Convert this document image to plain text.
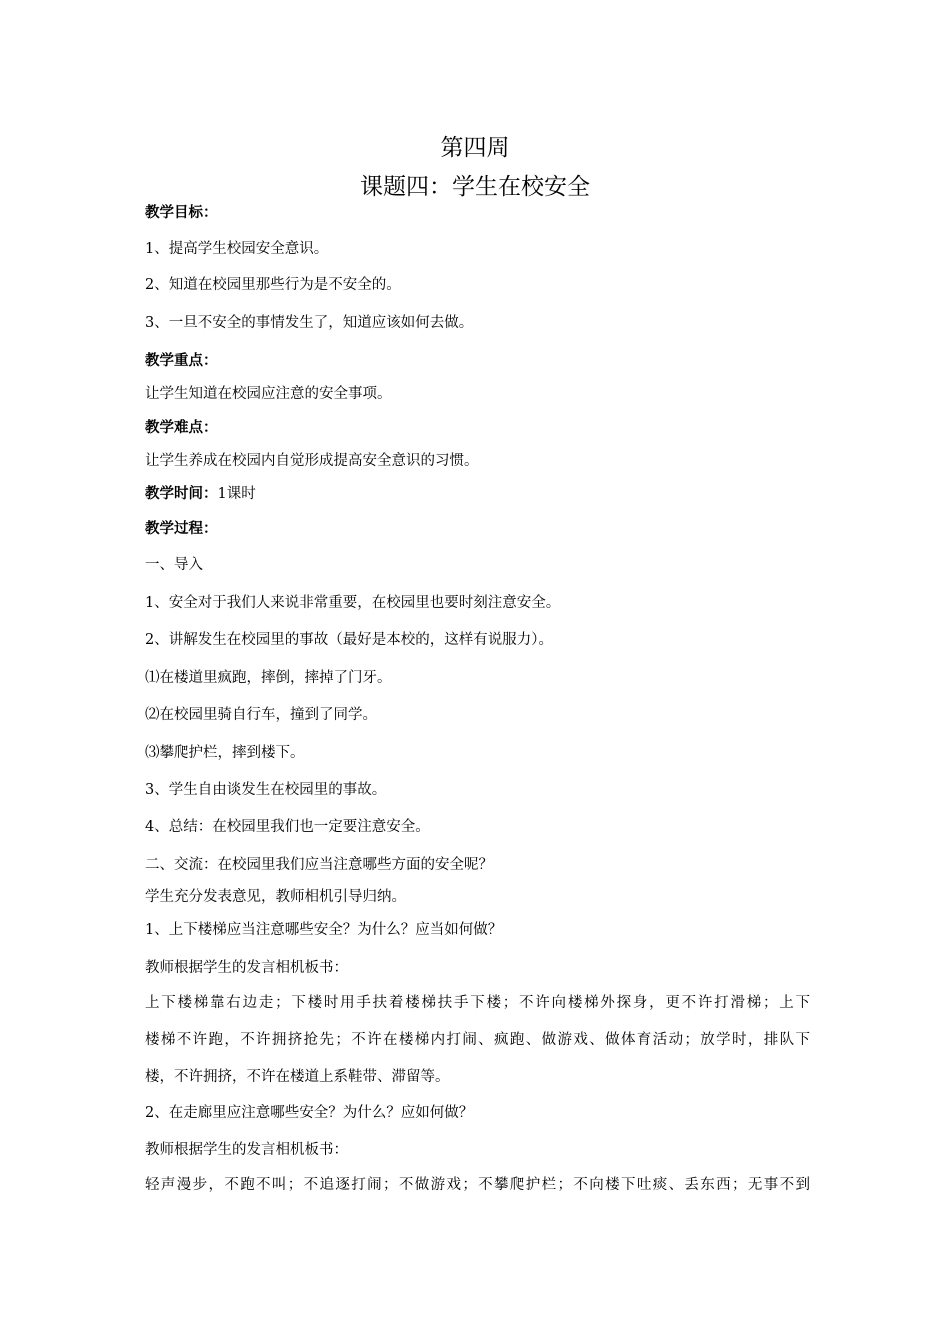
第四周
课题四：学生在校安全
教学目标：
1、提高学生校园安全意识。
2、知道在校园里那些行为是不安全的。
3、一旦不安全的事情发生了，知道应该如何去做。
教学重点：
让学生知道在校园应注意的安全事项。
教学难点：
让学生养成在校园内自觉形成提高安全意识的习惯。
教学时间：1课时
教学过程：
一、导入
1、安全对于我们人来说非常重要，在校园里也要时刻注意安全。
2、讲解发生在校园里的事故（最好是本校的，这样有说服力）。
⑴在楼道里疯跑，摔倒，摔掉了门牙。
⑵在校园里骑自行车，撞到了同学。
⑶攀爬护栏，摔到楼下。
3、学生自由谈发生在校园里的事故。
4、总结：在校园里我们也一定要注意安全。
二、交流：在校园里我们应当注意哪些方面的安全呢？
学生充分发表意见，教师相机引导归纳。
1、上下楼梯应当注意哪些安全？为什么？应当如何做？
教师根据学生的发言相机板书：
上下楼梯靠右边走；下楼时用手扶着楼梯扶手下楼；不许向楼梯外探身，更不许打滑梯；上下
楼梯不许跑，不许拥挤抢先；不许在楼梯内打闹、疯跑、做游戏、做体育活动；放学时，排队下
楼，不许拥挤，不许在楼道上系鞋带、滞留等。
2、在走廊里应注意哪些安全？为什么？应如何做？
教师根据学生的发言相机板书：
轻声漫步，不跑不叫；不追逐打闹；不做游戏；不攀爬护栏；不向楼下吐痰、丢东西；无事不到
